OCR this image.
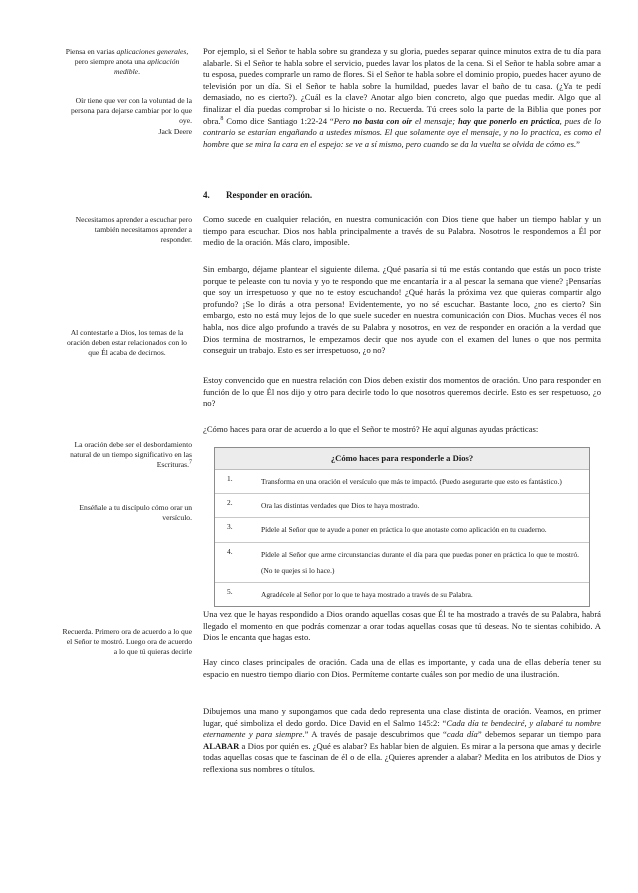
Piensa en varias aplicaciones generales, pero siempre anota una aplicación medible.

Oír tiene que ver con la voluntad de la persona para dejarse cambiar por lo que oye.

Jack Deere

Necesitamos aprender a escuchar pero también necesitamos aprender a responder.

Al contestarle a Dios, los temas de la oración deben estar relacionados con lo que Él acaba de decirnos.

La oración debe ser el desbordamiento natural de un tiempo significativo en las Escrituras.$^7$

Enséñale a tu discípulo cómo orar un versículo.

Recuerda. Primero ora de acuerdo a lo que el Señor te mostró. Luego ora de acuerdo a lo que tú quieras decirle

Por ejemplo, si el Señor te habla sobre su grandeza y su gloria, puedes separar quince minutos extra de tu día para alabarle. Si el Señor te habla sobre el servicio, puedes lavar los platos de la cena. Si el Señor te habla sobre amar a tu esposa, puedes comprarle un ramo de flores. Si el Señor te habla sobre el dominio propio, puedes hacer ayuno de televisión por un día. Si el Señor te habla sobre la humildad, puedes lavar el baño de tu casa. (¿Ya te pedí demasiado, no es cierto?). ¿Cuál es la clave? Anotar algo bien concreto, algo que puedas medir. Algo que al finalizar el día puedas comprobar si lo hiciste o no. Recuerda. Tú crees solo la parte de la Biblia que pones por obra.$^8$ Como dice Santiago 1:22-24 “Pero no basta con oír el mensaje; hay que ponerlo en práctica, pues de lo contrario se estarían engañando a ustedes mismos. El que solamente oye el mensaje, y no lo practica, es como el hombre que se mira la cara en el espejo: se ve a sí mismo, pero cuando se da la vuelta se olvida de cómo es.”

4. Responder en oración.

Como sucede en cualquier relación, en nuestra comunicación con Dios tiene que haber un tiempo hablar y un tiempo para escuchar. Dios nos habla principalmente a través de su Palabra. Nosotros le respondemos a Él por medio de la oración. Más claro, imposible.

Sin embargo, déjame plantear el siguiente dilema. ¿Qué pasaría si tú me estás contando que estás un poco triste porque te peleaste con tu novia y yo te respondo que me encantaría ir a al pescar la semana que viene? ¡Pensarías que soy un irrespetuoso y que no te estoy escuchando! ¿Qué harás la próxima vez que quieras compartir algo profundo? ¡Se lo dirás a otra persona! Evidentemente, yo no sé escuchar. Bastante loco, ¿no es cierto? Sin embargo, esto no está muy lejos de lo que suele suceder en nuestra comunicación con Dios. Muchas veces él nos habla, nos dice algo profundo a través de su Palabra y nosotros, en vez de responder en oración a la verdad que Dios termina de mostrarnos, le empezamos decir que nos ayude con el examen del lunes o que nos permita conseguir un trabajo. Esto es ser irrespetuoso, ¿o no?

Estoy convencido que en nuestra relación con Dios deben existir dos momentos de oración. Uno para responder en función de lo que Él nos dijo y otro para decirle todo lo que nosotros queremos decirle. Esto es ser respetuoso, ¿o no?

¿Cómo haces para orar de acuerdo a lo que el Señor te mostró? He aquí algunas ayudas prácticas:

¿Cómo haces para responderle a Dios?
1.	Transforma en una oración el versículo que más te impactó. (Puedo asegurarte que esto es fantástico.)
2.	Ora las distintas verdades que Dios te haya mostrado.
3.	Pídele al Señor que te ayude a poner en práctica lo que anotaste como aplicación en tu cuaderno.
4.	Pídele al Señor que arme circunstancias durante el día para que puedas poner en práctica lo que te mostró. (No te quejes si lo hace.)
5.	Agradécele al Señor por lo que te haya mostrado a través de su Palabra.

Una vez que le hayas respondido a Dios orando aquellas cosas que Él te ha mostrado a través de su Palabra, habrá llegado el momento en que podrás comenzar a orar todas aquellas cosas que tú deseas. No te sientas cohibido. A Dios le encanta que hagas esto.

Hay cinco clases principales de oración. Cada una de ellas es importante, y cada una de ellas debería tener su espacio en nuestro tiempo diario con Dios. Permíteme contarte cuáles son por medio de una ilustración.

Dibujemos una mano y supongamos que cada dedo representa una clase distinta de oración. Veamos, en primer lugar, qué simboliza el dedo gordo. Dice David en el Salmo 145:2: “Cada día te bendeciré, y alabaré tu nombre eternamente y para siempre.” A través de pasaje descubrimos que “cada día” debemos separar un tiempo para ALABAR a Dios por quién es. ¿Qué es alabar? Es hablar bien de alguien. Es mirar a la persona que amas y decirle todas aquellas cosas que te fascinan de él o de ella. ¿Quieres aprender a alabar? Medita en los atributos de Dios y reflexiona sus nombres o títulos.
